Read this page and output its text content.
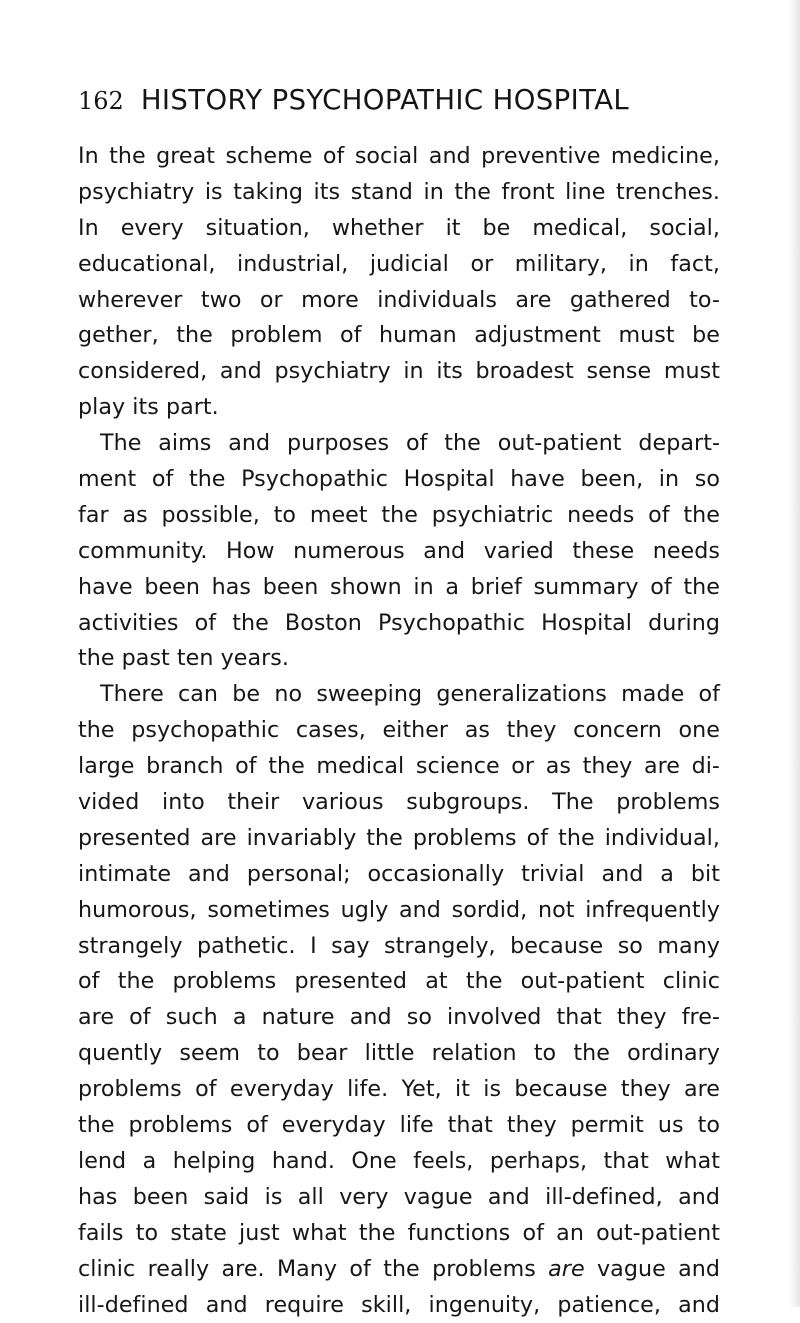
162 HISTORY PSYCHOPATHIC HOSPITAL
In the great scheme of social and preventive medicine,
psychiatry is taking its stand in the front line trenches.
In every situation, whether it be medical, social,
educational, industrial, judicial or military, in fact,
wherever two or more individuals are gathered to-
gether, the problem of human adjustment must be
considered, and psychiatry in its broadest sense must
play its part.
The aims and purposes of the out-patient depart-
ment of the Psychopathic Hospital have been, in so
far as possible, to meet the psychiatric needs of the
community. How numerous and varied these needs
have been has been shown in a brief summary of the
activities of the Boston Psychopathic Hospital during
the past ten years.
There can be no sweeping generalizations made of
the psychopathic cases, either as they concern one
large branch of the medical science or as they are di-
vided into their various subgroups. The problems
presented are invariably the problems of the individual,
intimate and personal; occasionally trivial and a bit
humorous, sometimes ugly and sordid, not infrequently
strangely pathetic. I say strangely, because so many
of the problems presented at the out-patient clinic
are of such a nature and so involved that they fre-
quently seem to bear little relation to the ordinary
problems of everyday life. Yet, it is because they are
the problems of everyday life that they permit us to
lend a helping hand. One feels, perhaps, that what
has been said is all very vague and ill-defined, and
fails to state just what the functions of an out-patient
clinic really are. Many of the problems are vague and
ill-defined and require skill, ingenuity, patience, and
